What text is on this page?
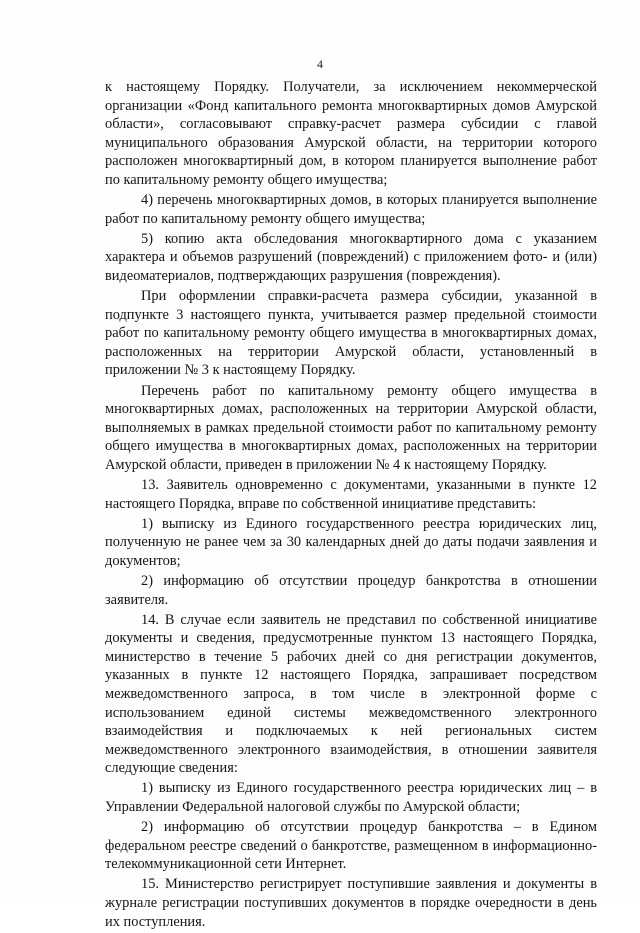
4

к настоящему Порядку. Получатели, за исключением некоммерческой организации «Фонд капитального ремонта многоквартирных домов Амурской области», согласовывают справку-расчет размера субсидии с главой муниципального образования Амурской области, на территории которого расположен многоквартирный дом, в котором планируется выполнение работ по капитальному ремонту общего имущества;

4) перечень многоквартирных домов, в которых планируется выполнение работ по капитальному ремонту общего имущества;

5) копию акта обследования многоквартирного дома с указанием характера и объемов разрушений (повреждений) с приложением фото- и (или) видеоматериалов, подтверждающих разрушения (повреждения).

При оформлении справки-расчета размера субсидии, указанной в подпункте 3 настоящего пункта, учитывается размер предельной стоимости работ по капитальному ремонту общего имущества в многоквартирных домах, расположенных на территории Амурской области, установленный в приложении № 3 к настоящему Порядку.

Перечень работ по капитальному ремонту общего имущества в многоквартирных домах, расположенных на территории Амурской области, выполняемых в рамках предельной стоимости работ по капитальному ремонту общего имущества в многоквартирных домах, расположенных на территории Амурской области, приведен в приложении № 4 к настоящему Порядку.

13. Заявитель одновременно с документами, указанными в пункте 12 настоящего Порядка, вправе по собственной инициативе представить:

1) выписку из Единого государственного реестра юридических лиц, полученную не ранее чем за 30 календарных дней до даты подачи заявления и документов;

2) информацию об отсутствии процедур банкротства в отношении заявителя.

14. В случае если заявитель не представил по собственной инициативе документы и сведения, предусмотренные пунктом 13 настоящего Порядка, министерство в течение 5 рабочих дней со дня регистрации документов, указанных в пункте 12 настоящего Порядка, запрашивает посредством межведомственного запроса, в том числе в электронной форме с использованием единой системы межведомственного электронного взаимодействия и подключаемых к ней региональных систем межведомственного электронного взаимодействия, в отношении заявителя следующие сведения:

1) выписку из Единого государственного реестра юридических лиц – в Управлении Федеральной налоговой службы по Амурской области;

2) информацию об отсутствии процедур банкротства – в Едином федеральном реестре сведений о банкротстве, размещенном в информационно-телекоммуникационной сети Интернет.

15. Министерство регистрирует поступившие заявления и документы в журнале регистрации поступивших документов в порядке очередности в день их поступления.
